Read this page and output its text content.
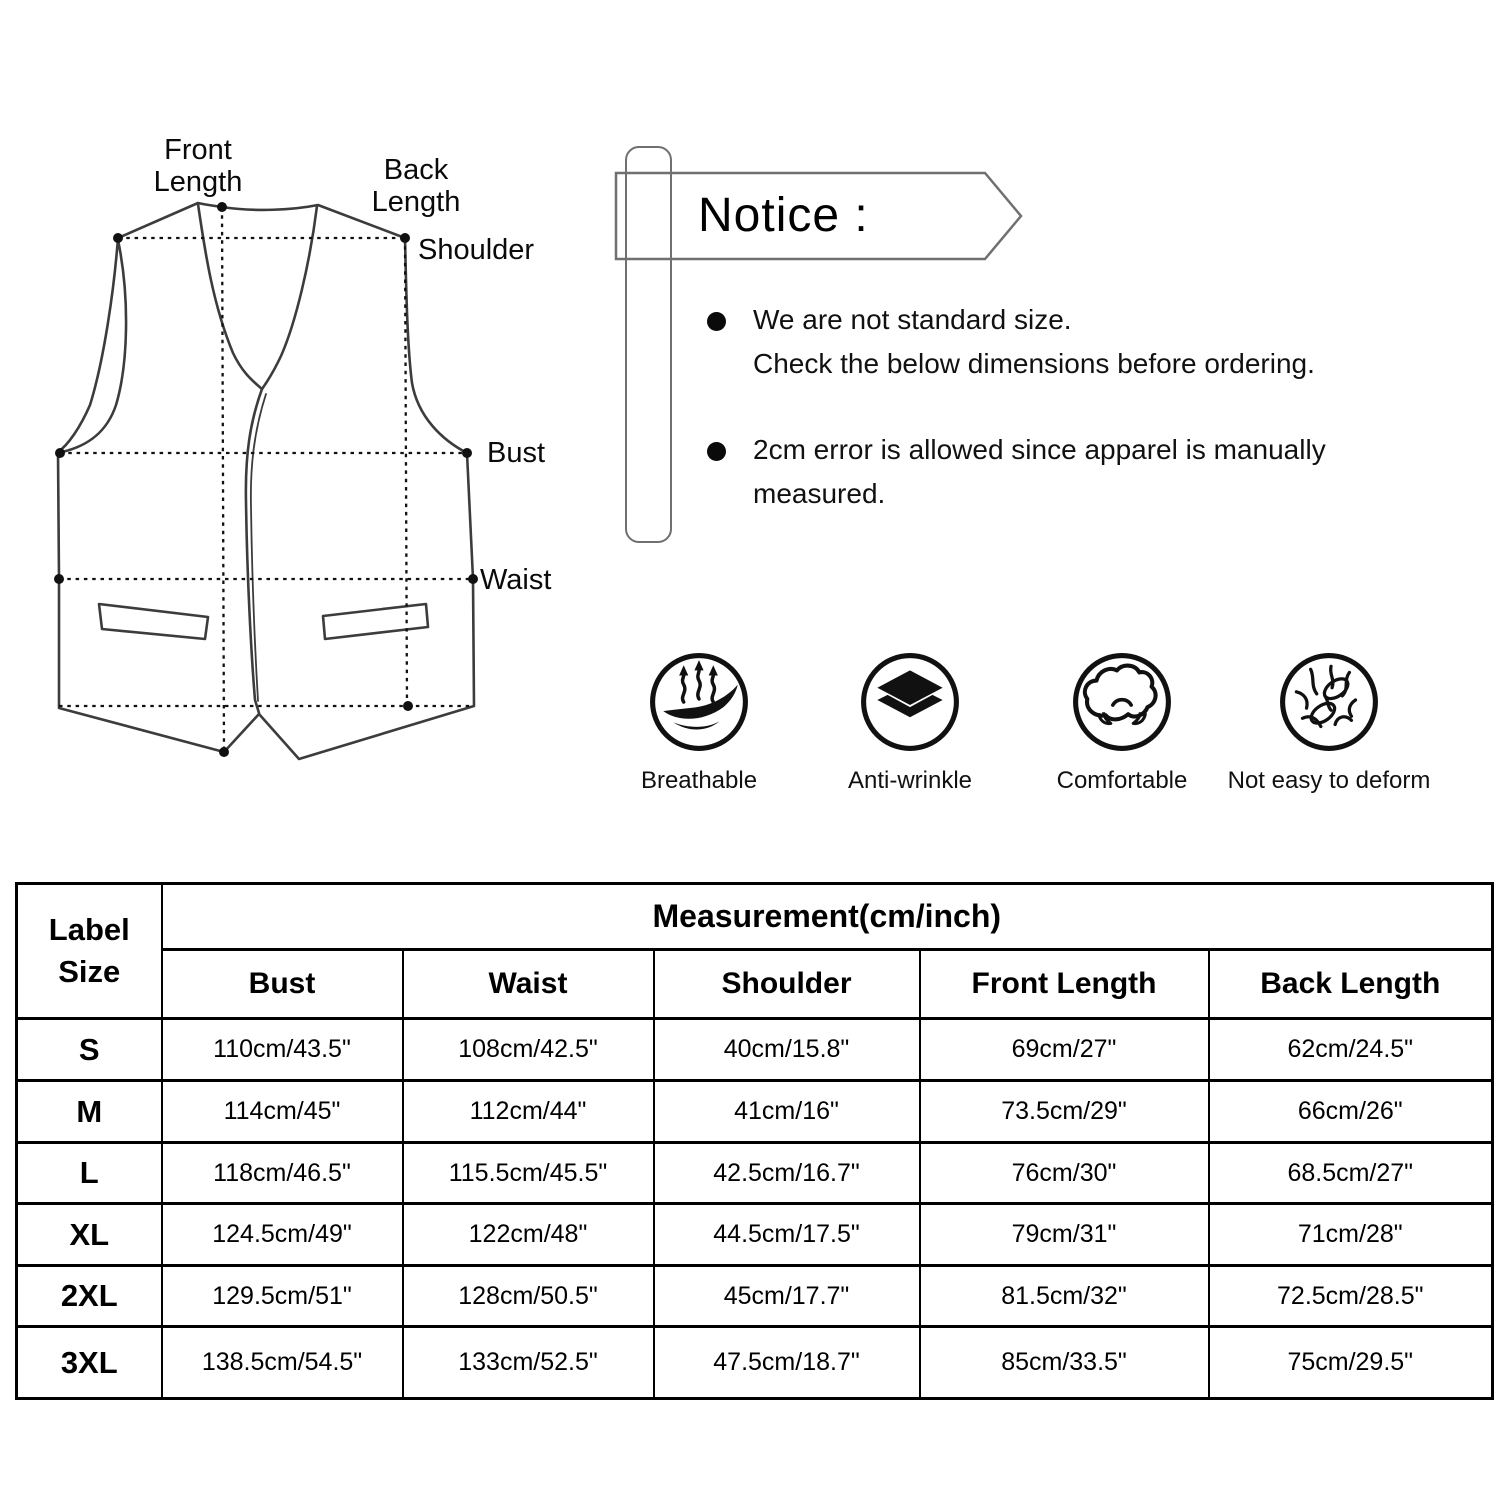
Front
Length	Back
Length
Shoulder
Bust
Waist
Notice :
We are not standard size.
Check the below dimensions before ordering.
2cm error is allowed since apparel is manually
measured.
Breathable	Anti-wrinkle	Comfortable	Not easy to deform
Label
Size	Measurement(cm/inch)				
	Bust	Waist	Shoulder	Front Length	Back Length
S	110cm/43.5"	108cm/42.5"	40cm/15.8"	69cm/27"	62cm/24.5"
M	114cm/45"	112cm/44"	41cm/16"	73.5cm/29"	66cm/26"
L	118cm/46.5"	115.5cm/45.5"	42.5cm/16.7"	76cm/30"	68.5cm/27"
XL	124.5cm/49"	122cm/48"	44.5cm/17.5"	79cm/31"	71cm/28"
2XL	129.5cm/51"	128cm/50.5"	45cm/17.7"	81.5cm/32"	72.5cm/28.5"
3XL	138.5cm/54.5"	133cm/52.5"	47.5cm/18.7"	85cm/33.5"	75cm/29.5"
